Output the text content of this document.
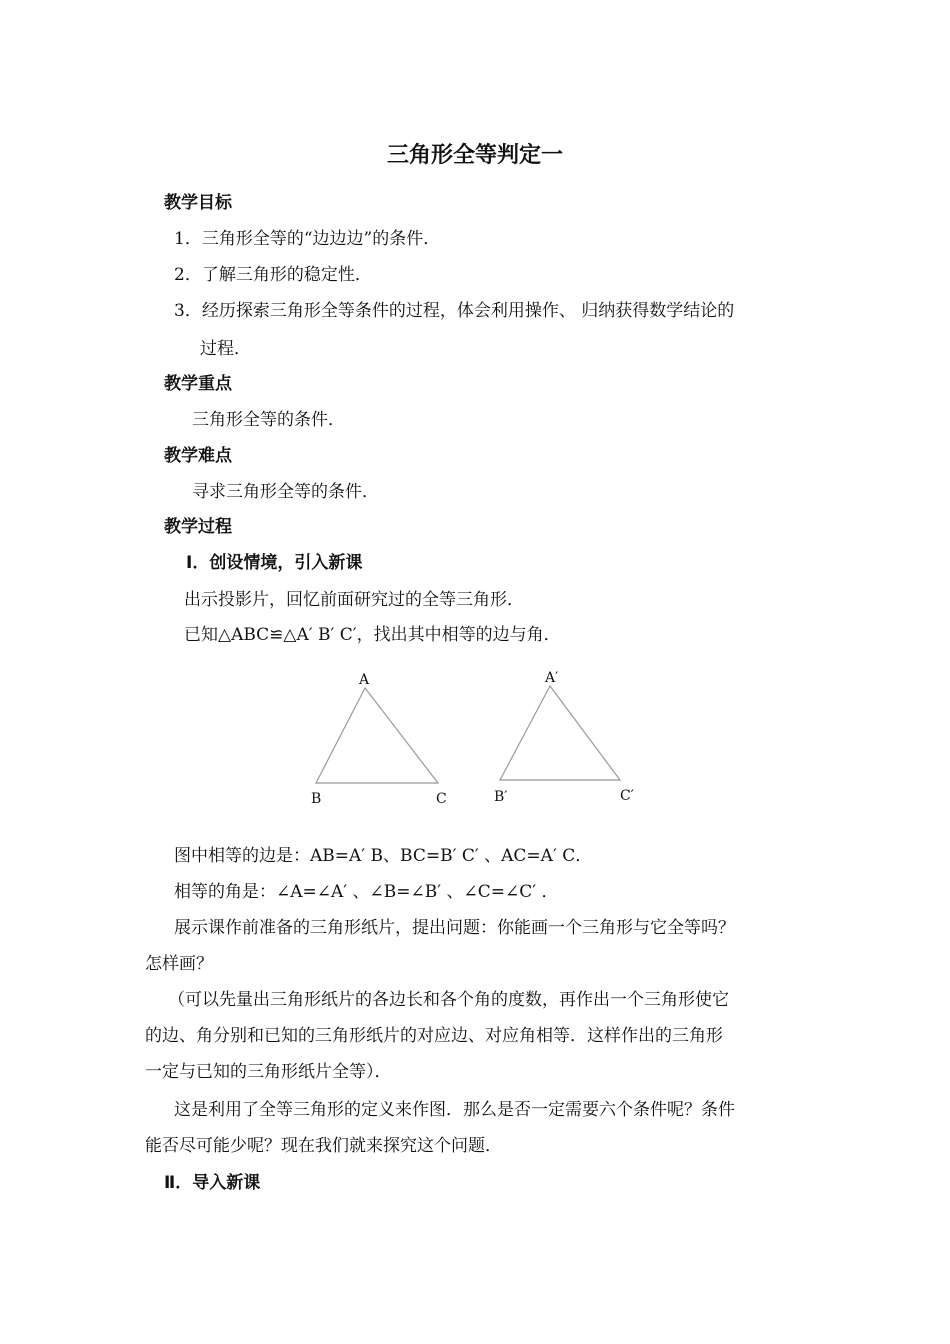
三角形全等判定一
教学目标
1．三角形全等的“边边边”的条件．
2．了解三角形的稳定性．
3．经历探索三角形全等条件的过程，体会利用操作、 归纳获得数学结论的
过程．
教学重点
三角形全等的条件．
教学难点
寻求三角形全等的条件．
教学过程
Ⅰ．创设情境，引入新课
出示投影片，回忆前面研究过的全等三角形．
已知△ABC≌△A′ B′ C′，找出其中相等的边与角．
A
B	C
A′
B′	C′
图中相等的边是：AB=A′ B、BC=B′ C′ 、AC=A′ C．
相等的角是：∠A=∠A′ 、∠B=∠B′ 、∠C=∠C′ ．
展示课作前准备的三角形纸片，提出问题：你能画一个三角形与它全等吗？
怎样画？
（可以先量出三角形纸片的各边长和各个角的度数，再作出一个三角形使它
的边、角分别和已知的三角形纸片的对应边、对应角相等．这样作出的三角形
一定与已知的三角形纸片全等）．
这是利用了全等三角形的定义来作图．那么是否一定需要六个条件呢？条件
能否尽可能少呢？现在我们就来探究这个问题．
Ⅱ．导入新课
